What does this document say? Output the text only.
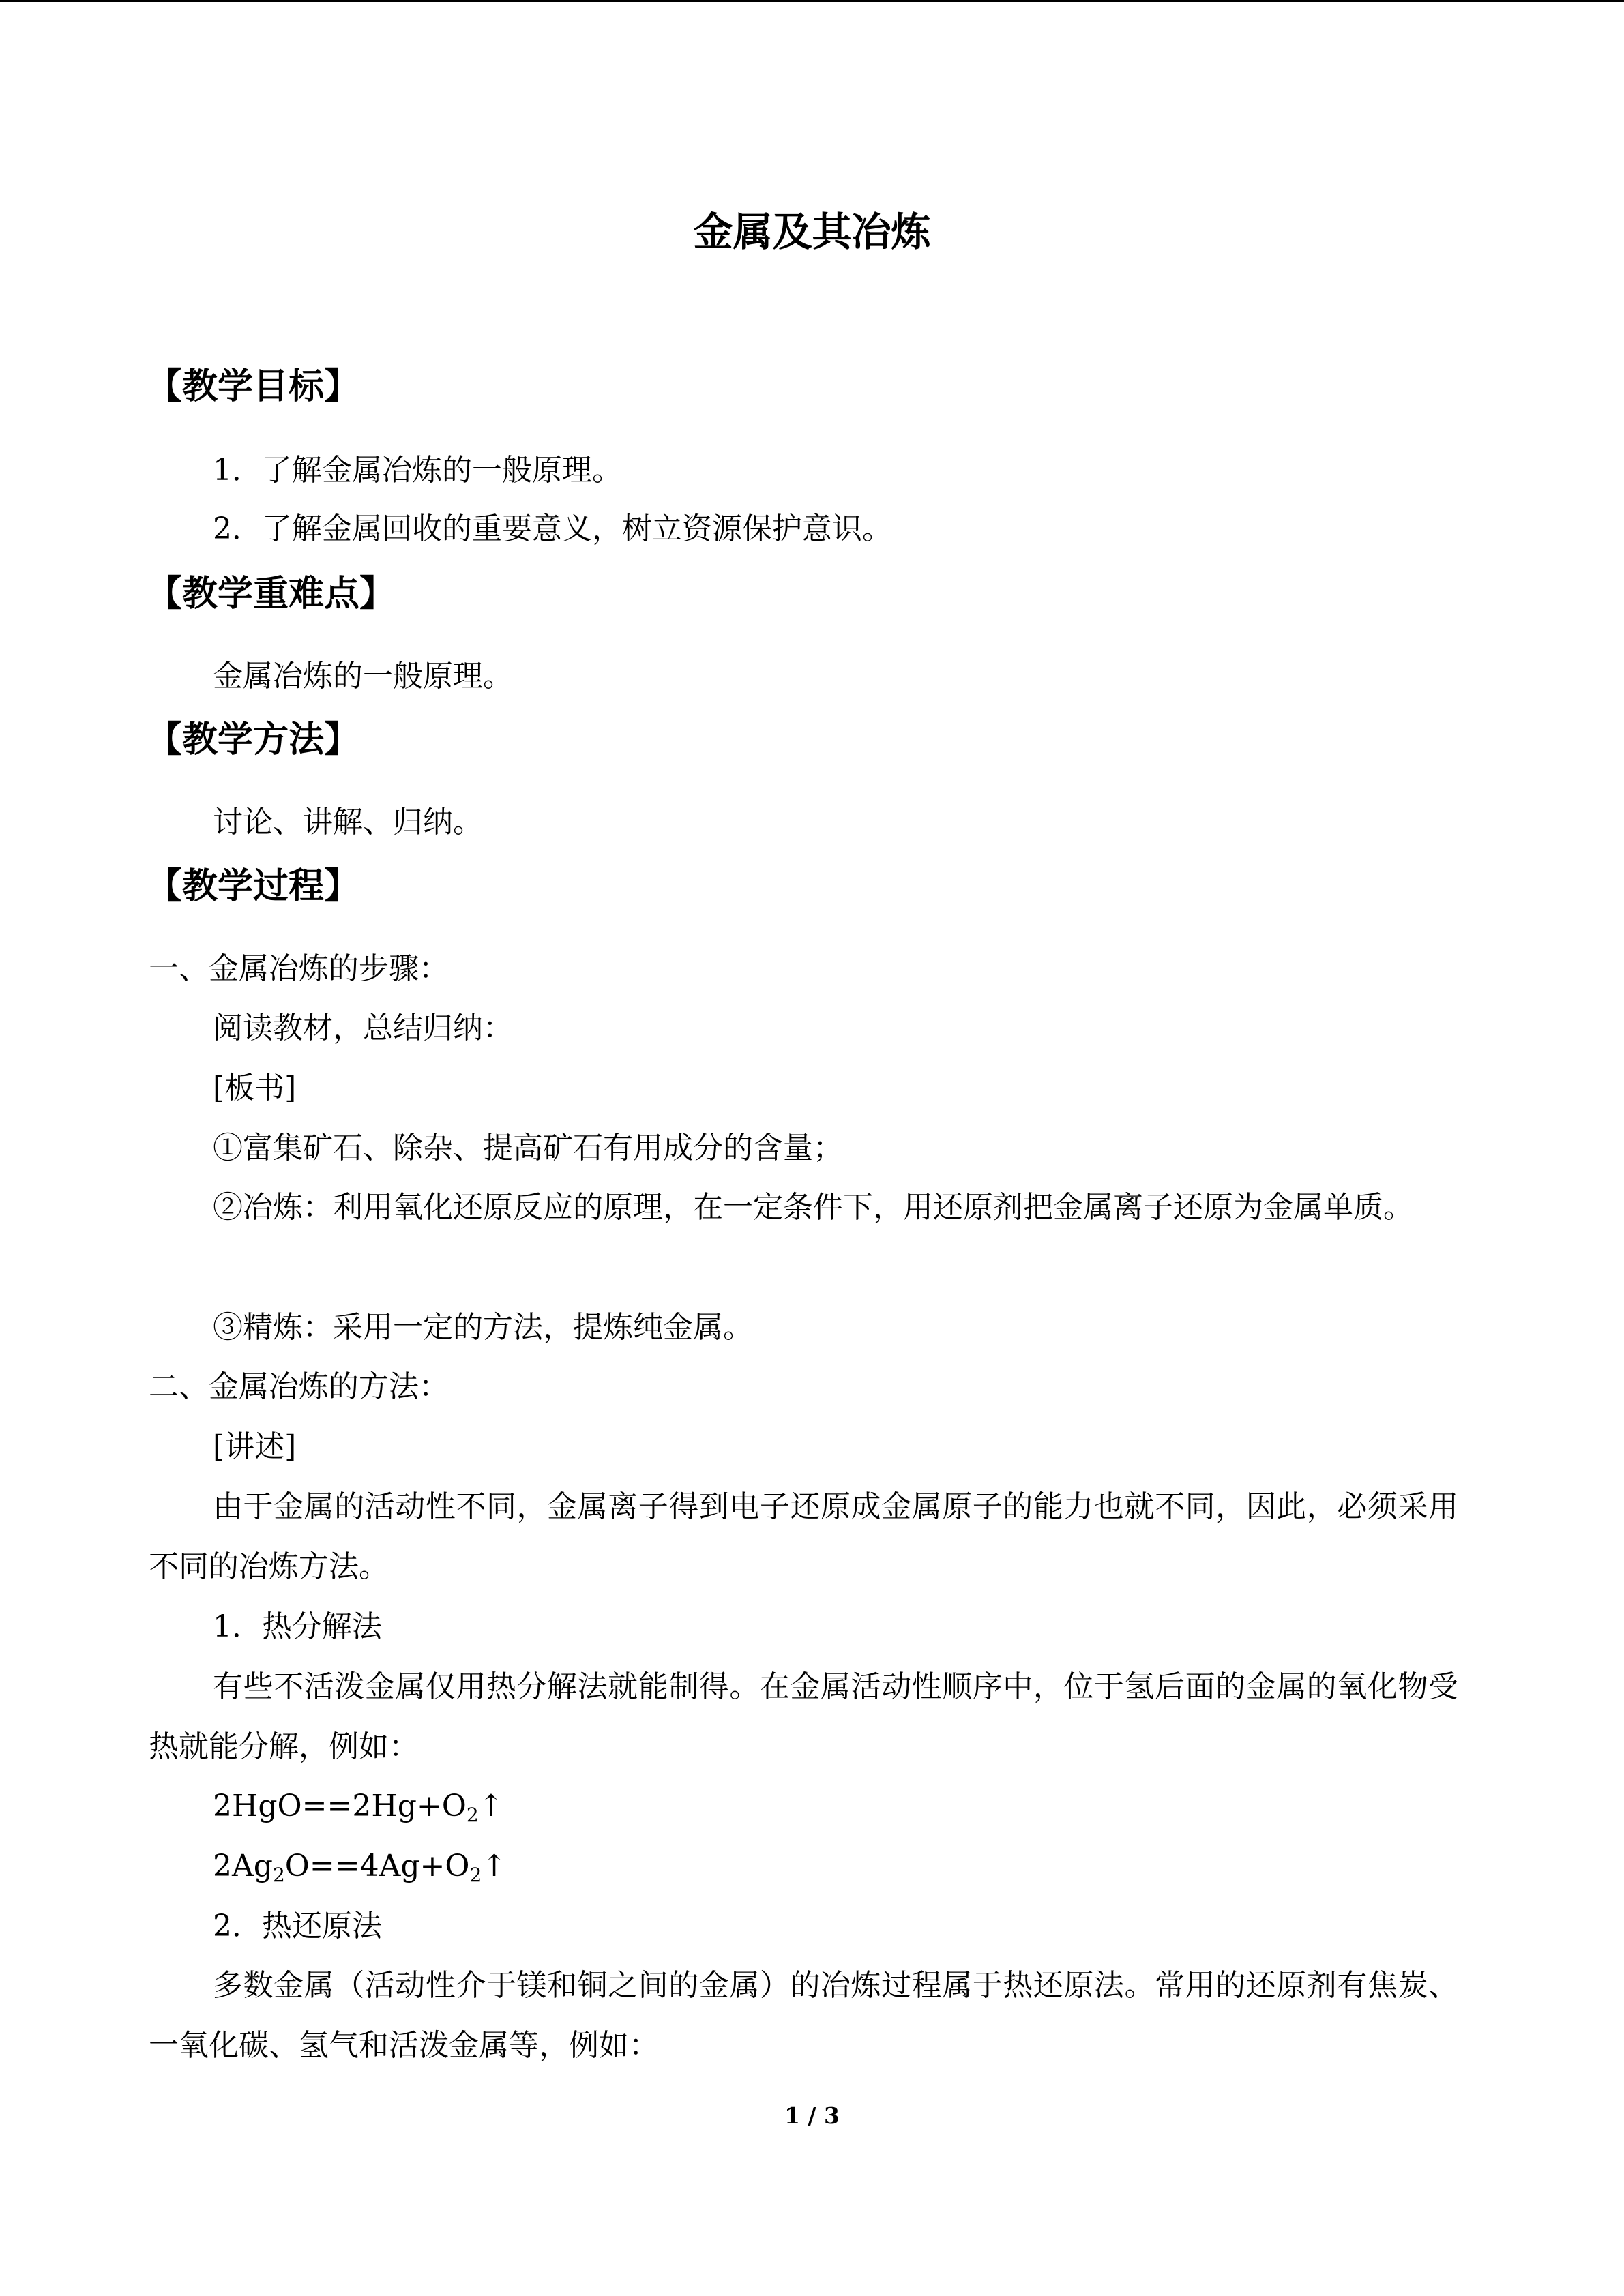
金属及其冶炼
【教学目标】
1．了解金属冶炼的一般原理。
2．了解金属回收的重要意义，树立资源保护意识。
【教学重难点】
金属冶炼的一般原理。
【教学方法】
讨论、讲解、归纳。
【教学过程】
一、金属冶炼的步骤：
阅读教材，总结归纳：
[板书]
①富集矿石、除杂、提高矿石有用成分的含量；
②冶炼：利用氧化还原反应的原理，在一定条件下，用还原剂把金属离子还原为金属单质。
③精炼：采用一定的方法，提炼纯金属。
二、金属冶炼的方法：
[讲述]
由于金属的活动性不同，金属离子得到电子还原成金属原子的能力也就不同，因此，必须采用不同的冶炼方法。
1．热分解法
有些不活泼金属仅用热分解法就能制得。在金属活动性顺序中，位于氢后面的金属的氧化物受热就能分解，例如：
$2HgO==2Hg+O_2↑$
$2Ag_2O==4Ag+O_2↑$
2．热还原法
多数金属（活动性介于镁和铜之间的金属）的冶炼过程属于热还原法。常用的还原剂有焦炭、一氧化碳、氢气和活泼金属等，例如：
1 / 3
